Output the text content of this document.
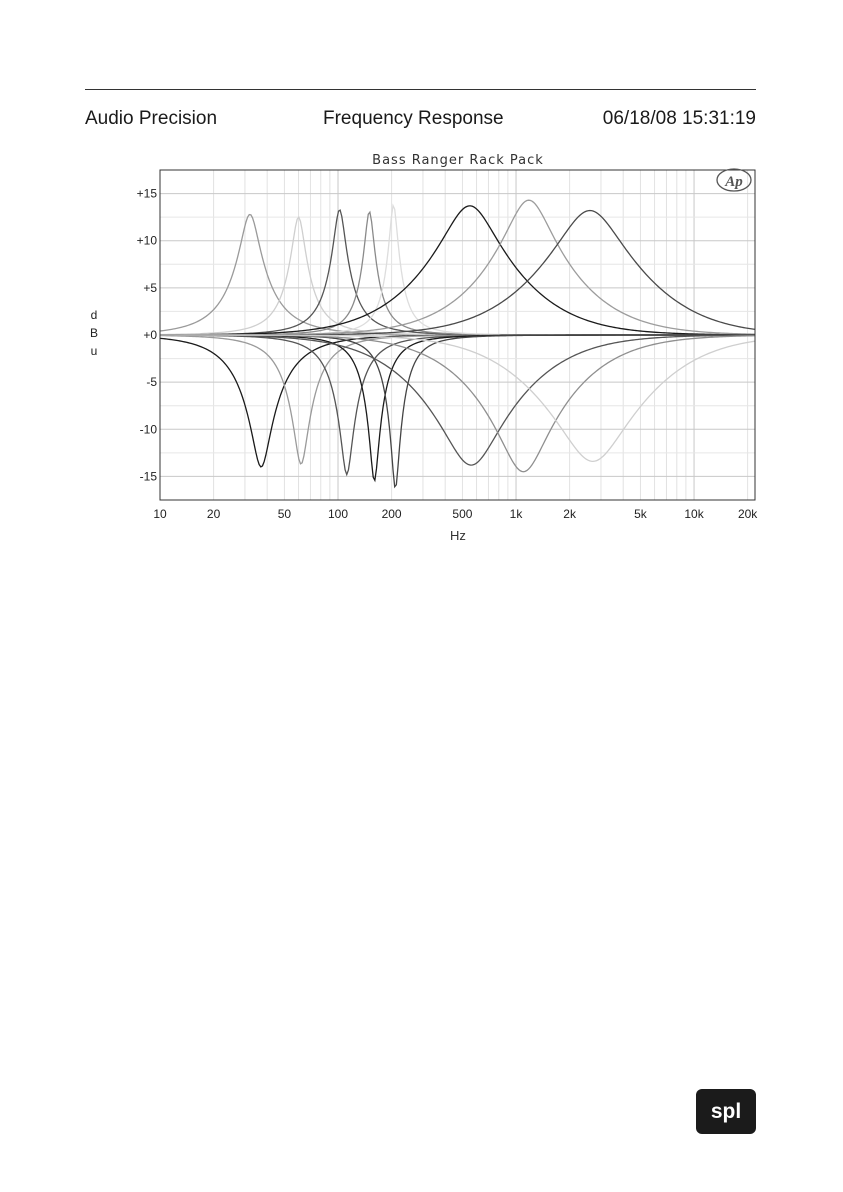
Audio Precision	Frequency Response	06/18/08 15:31:19
10	20	50	100	200	500	1k	2k	5k	10k	20k
+15
+10
+5
+0
-5
-10
-15
Bass Ranger Rack Pack
Hz
d
B
u
Ap
spl
